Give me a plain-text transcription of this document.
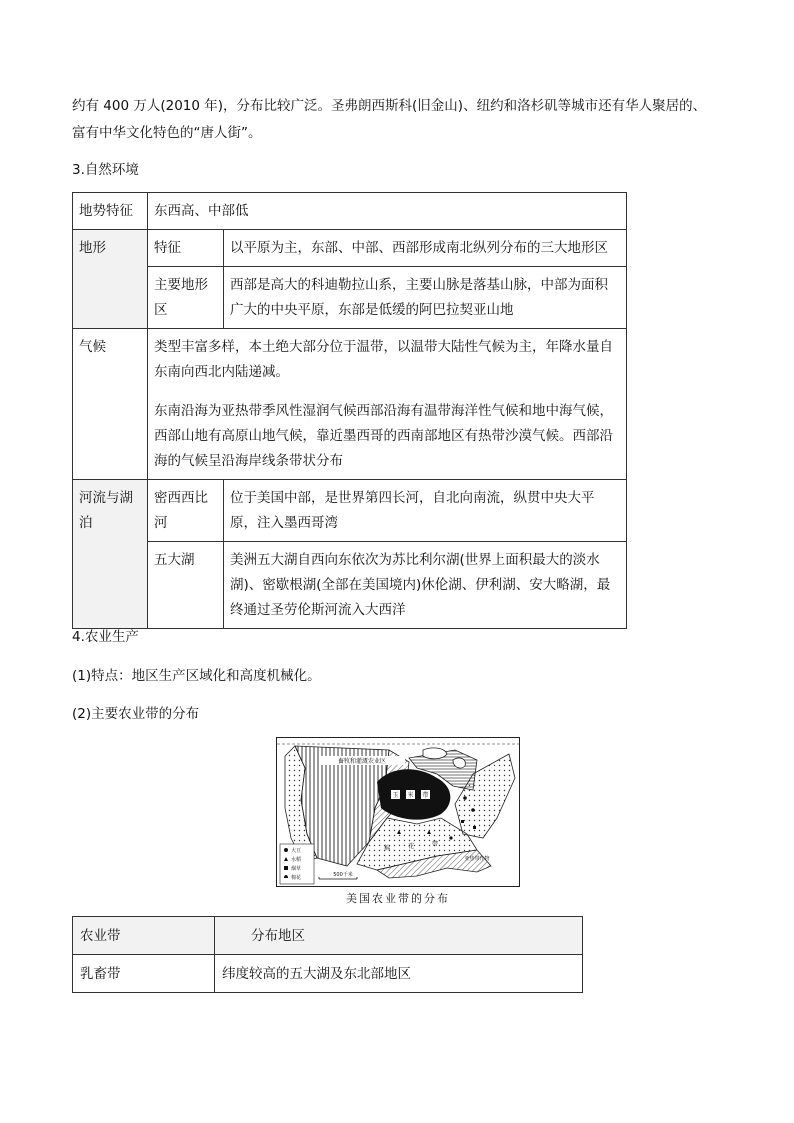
约有 400 万人(2010 年)，分布比较广泛。圣弗朗西斯科(旧金山)、纽约和洛杉矶等城市还有华人聚居的、
富有中华文化特色的“唐人街”。

3.自然环境

地势特征	东西高、中部低	
地形	特征	以平原为主，东部、中部、西部形成南北纵列分布的三大地形区
	主要地形区	西部是高大的科迪勒拉山系，主要山脉是落基山脉，中部为面积广大的中央平原，东部是低缓的阿巴拉契亚山地
气候	类型丰富多样，本土绝大部分位于温带，以温带大陆性气候为主，年降水量自东南向西北内陆递减。

东南沿海为亚热带季风性湿润气候西部沿海有温带海洋性气候和地中海气候，西部山地有高原山地气候，靠近墨西哥的西南部地区有热带沙漠气候。西部沿海的气候呈沿海岸线条带状分布	

河流与湖泊	密西西比河	位于美国中部，是世界第四长河，自北向南流，纵贯中央大平原，注入墨西哥湾
	五大湖	美洲五大湖自西向东依次为苏比利尔湖(世界上面积最大的淡水湖)、密歇根湖(全部在美国境内)休伦湖、伊利湖、安大略湖，最终通过圣劳伦斯河流入大西洋

4.农业生产

(1)特点：地区生产区域化和高度机械化。

(2)主要农业带的分布

畜牧和灌溉农业区
玉 米 带
棉	花	带
亚热带作物
大豆
水稻
烟草
棉花	500千米
美国农业带的分布
农业带	分布地区
乳畜带	纬度较高的五大湖及东北部地区
